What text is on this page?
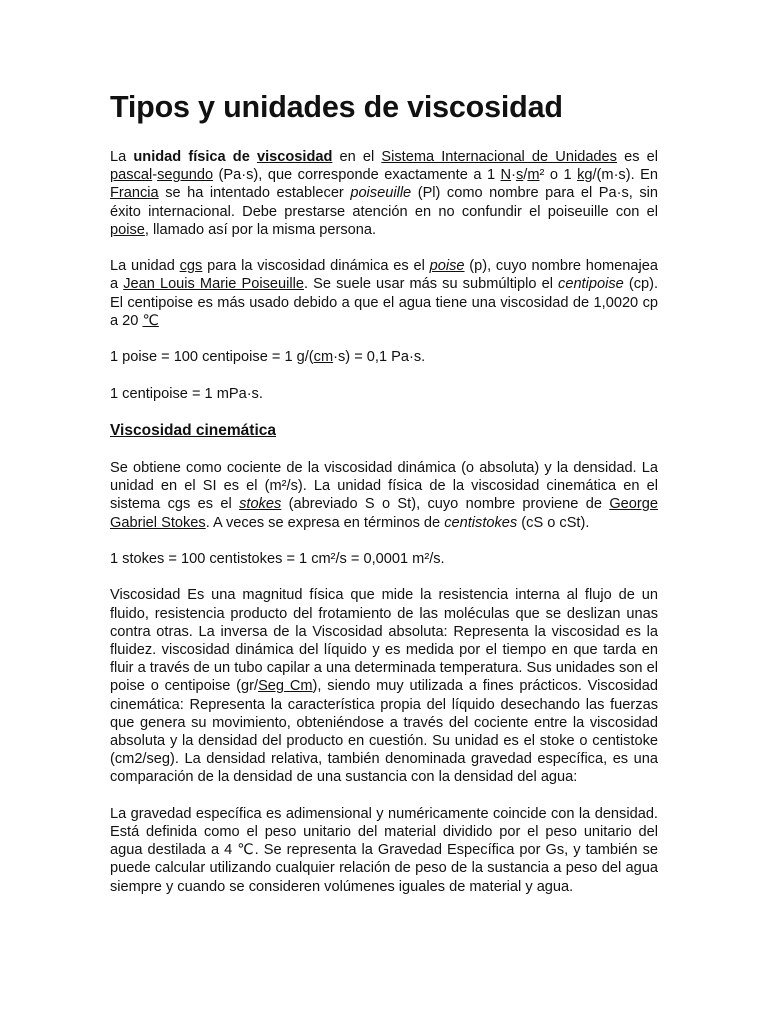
Tipos y unidades de viscosidad

La unidad física de viscosidad en el Sistema Internacional de Unidades es el pascal-segundo (Pa·s), que corresponde exactamente a 1 N·s/m² o 1 kg/(m·s). En Francia se ha intentado establecer poiseuille (Pl) como nombre para el Pa·s, sin éxito internacional. Debe prestarse atención en no confundir el poiseuille con el poise, llamado así por la misma persona.

La unidad cgs para la viscosidad dinámica es el poise (p), cuyo nombre homenajea a Jean Louis Marie Poiseuille. Se suele usar más su submúltiplo el centipoise (cp). El centipoise es más usado debido a que el agua tiene una viscosidad de 1,0020 cp a 20 ℃

1 poise = 100 centipoise = 1 g/(cm·s) = 0,1 Pa·s.

1 centipoise = 1 mPa·s.

Viscosidad cinemática

Se obtiene como cociente de la viscosidad dinámica (o absoluta) y la densidad. La unidad en el SI es el (m²/s). La unidad física de la viscosidad cinemática en el sistema cgs es el stokes (abreviado S o St), cuyo nombre proviene de George Gabriel Stokes. A veces se expresa en términos de centistokes (cS o cSt).

1 stokes = 100 centistokes = 1 cm²/s = 0,0001 m²/s.

Viscosidad Es una magnitud física que mide la resistencia interna al flujo de un fluido, resistencia producto del frotamiento de las moléculas que se deslizan unas contra otras. La inversa de la Viscosidad absoluta: Representa la viscosidad es la fluidez. viscosidad dinámica del líquido y es medida por el tiempo en que tarda en fluir a través de un tubo capilar a una determinada temperatura. Sus unidades son el poise o centipoise (gr/Seg Cm), siendo muy utilizada a fines prácticos. Viscosidad cinemática: Representa la característica propia del líquido desechando las fuerzas que genera su movimiento, obteniéndose a través del cociente entre la viscosidad absoluta y la densidad del producto en cuestión. Su unidad es el stoke o centistoke (cm2/seg). La densidad relativa, también denominada gravedad específica, es una comparación de la densidad de una sustancia con la densidad del agua:

La gravedad específica es adimensional y numéricamente coincide con la densidad. Está definida como el peso unitario del material dividido por el peso unitario del agua destilada a 4 ℃. Se representa la Gravedad Específica por Gs, y también se puede calcular utilizando cualquier relación de peso de la sustancia a peso del agua siempre y cuando se consideren volúmenes iguales de material y agua.
